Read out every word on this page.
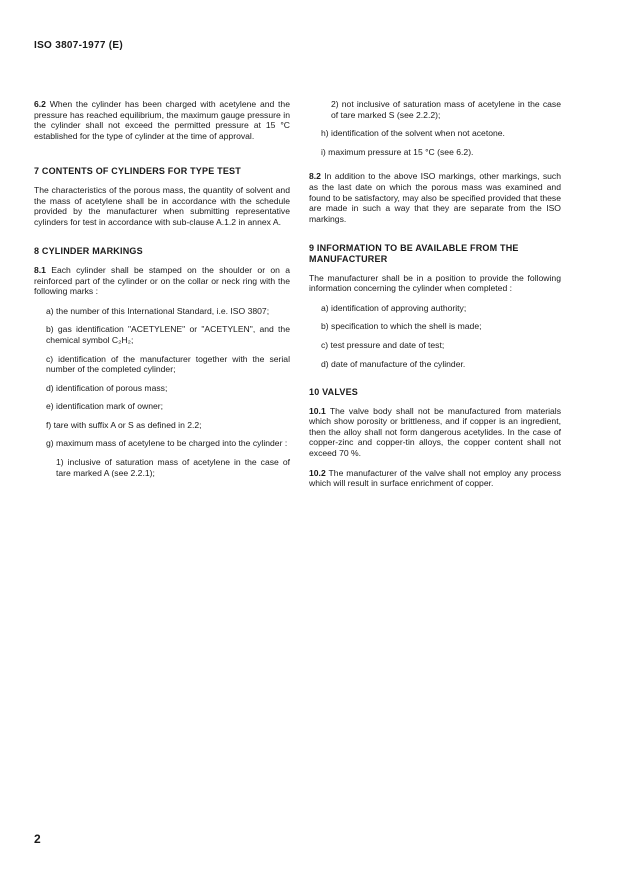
ISO 3807-1977 (E)

6.2 When the cylinder has been charged with acetylene and the pressure has reached equilibrium, the maximum gauge pressure in the cylinder shall not exceed the permitted pressure at 15 °C established for the type of cylinder at the time of approval.

7 CONTENTS OF CYLINDERS FOR TYPE TEST

The characteristics of the porous mass, the quantity of solvent and the mass of acetylene shall be in accordance with the schedule provided by the manufacturer when submitting representative cylinders for test in accordance with sub-clause A.1.2 in annex A.

8 CYLINDER MARKINGS

8.1 Each cylinder shall be stamped on the shoulder or on a reinforced part of the cylinder or on the collar or neck ring with the following marks :

a) the number of this International Standard, i.e. ISO 3807;

b) gas identification "ACETYLENE" or "ACETYLEN", and the chemical symbol C₂H₂;

c) identification of the manufacturer together with the serial number of the completed cylinder;

d) identification of porous mass;

e) identification mark of owner;

f) tare with suffix A or S as defined in 2.2;

g) maximum mass of acetylene to be charged into the cylinder :

1) inclusive of saturation mass of acetylene in the case of tare marked A (see 2.2.1);

2) not inclusive of saturation mass of acetylene in the case of tare marked S (see 2.2.2);

h) identification of the solvent when not acetone.

i) maximum pressure at 15 °C (see 6.2).

8.2 In addition to the above ISO markings, other markings, such as the last date on which the porous mass was examined and found to be satisfactory, may also be specified provided that these are made in such a way that they are separate from the ISO markings.

9 INFORMATION TO BE AVAILABLE FROM THE MANUFACTURER

The manufacturer shall be in a position to provide the following information concerning the cylinder when completed :

a) identification of approving authority;

b) specification to which the shell is made;

c) test pressure and date of test;

d) date of manufacture of the cylinder.

10 VALVES

10.1 The valve body shall not be manufactured from materials which show porosity or brittleness, and if copper is an ingredient, then the alloy shall not form dangerous acetylides. In the case of copper-zinc and copper-tin alloys, the copper content shall not exceed 70 %.

10.2 The manufacturer of the valve shall not employ any process which will result in surface enrichment of copper.

2
